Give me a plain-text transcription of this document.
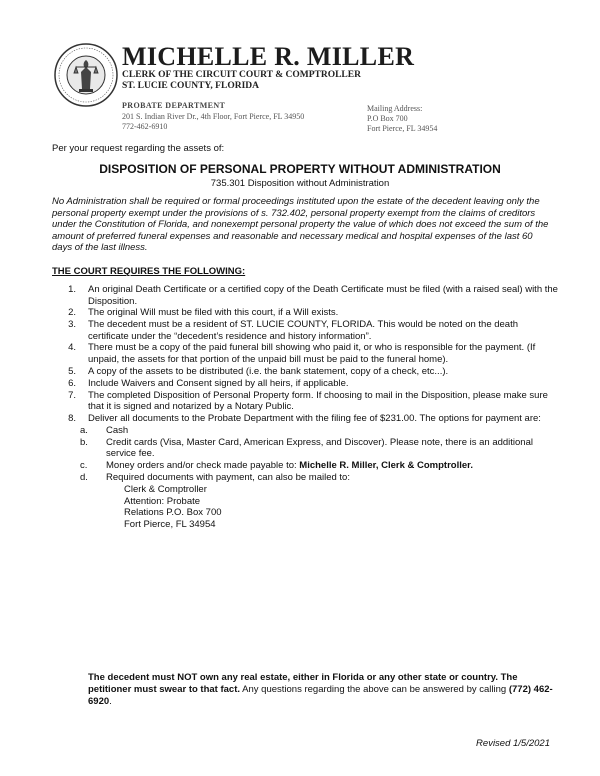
MICHELLE R. MILLER
CLERK OF THE CIRCUIT COURT & COMPTROLLER
ST. LUCIE COUNTY, FLORIDA
PROBATE DEPARTMENT
201 S. Indian River Dr., 4th Floor, Fort Pierce, FL 34950
772-462-6910
Mailing Address:
P.O Box 700
Fort Pierce, FL 34954
Per your request regarding the assets of:
DISPOSITION OF PERSONAL PROPERTY WITHOUT ADMINISTRATION
735.301 Disposition without Administration
No Administration shall be required or formal proceedings instituted upon the estate of the decedent leaving only the personal property exempt under the provisions of s. 732.402, personal property exempt from the claims of creditors under the Constitution of Florida, and nonexempt personal property the value of which does not exceed the sum of the amount of preferred funeral expenses and reasonable and necessary medical and hospital expenses of the last 60 days of the last illness.
THE COURT REQUIRES THE FOLLOWING:
1. An original Death Certificate or a certified copy of the Death Certificate must be filed (with a raised seal) with the Disposition.
2. The original Will must be filed with this court, if a Will exists.
3. The decedent must be a resident of ST. LUCIE COUNTY, FLORIDA. This would be noted on the death certificate under the “decedent’s residence and history information”.
4. There must be a copy of the paid funeral bill showing who paid it, or who is responsible for the payment. (If unpaid, the assets for that portion of the unpaid bill must be paid to the funeral home).
5. A copy of the assets to be distributed (i.e. the bank statement, copy of a check, etc...).
6. Include Waivers and Consent signed by all heirs, if applicable.
7. The completed Disposition of Personal Property form. If choosing to mail in the Disposition, please make sure that it is signed and notarized by a Notary Public.
8. Deliver all documents to the Probate Department with the filing fee of $231.00. The options for payment are:
a. Cash
b. Credit cards (Visa, Master Card, American Express, and Discover). Please note, there is an additional service fee.
c. Money orders and/or check made payable to: Michelle R. Miller, Clerk & Comptroller.
d. Required documents with payment, can also be mailed to:
Clerk & Comptroller
Attention: Probate
Relations P.O. Box 700
Fort Pierce, FL 34954
The decedent must NOT own any real estate, either in Florida or any other state or country. The petitioner must swear to that fact. Any questions regarding the above can be answered by calling (772) 462-6920.
Revised 1/5/2021
